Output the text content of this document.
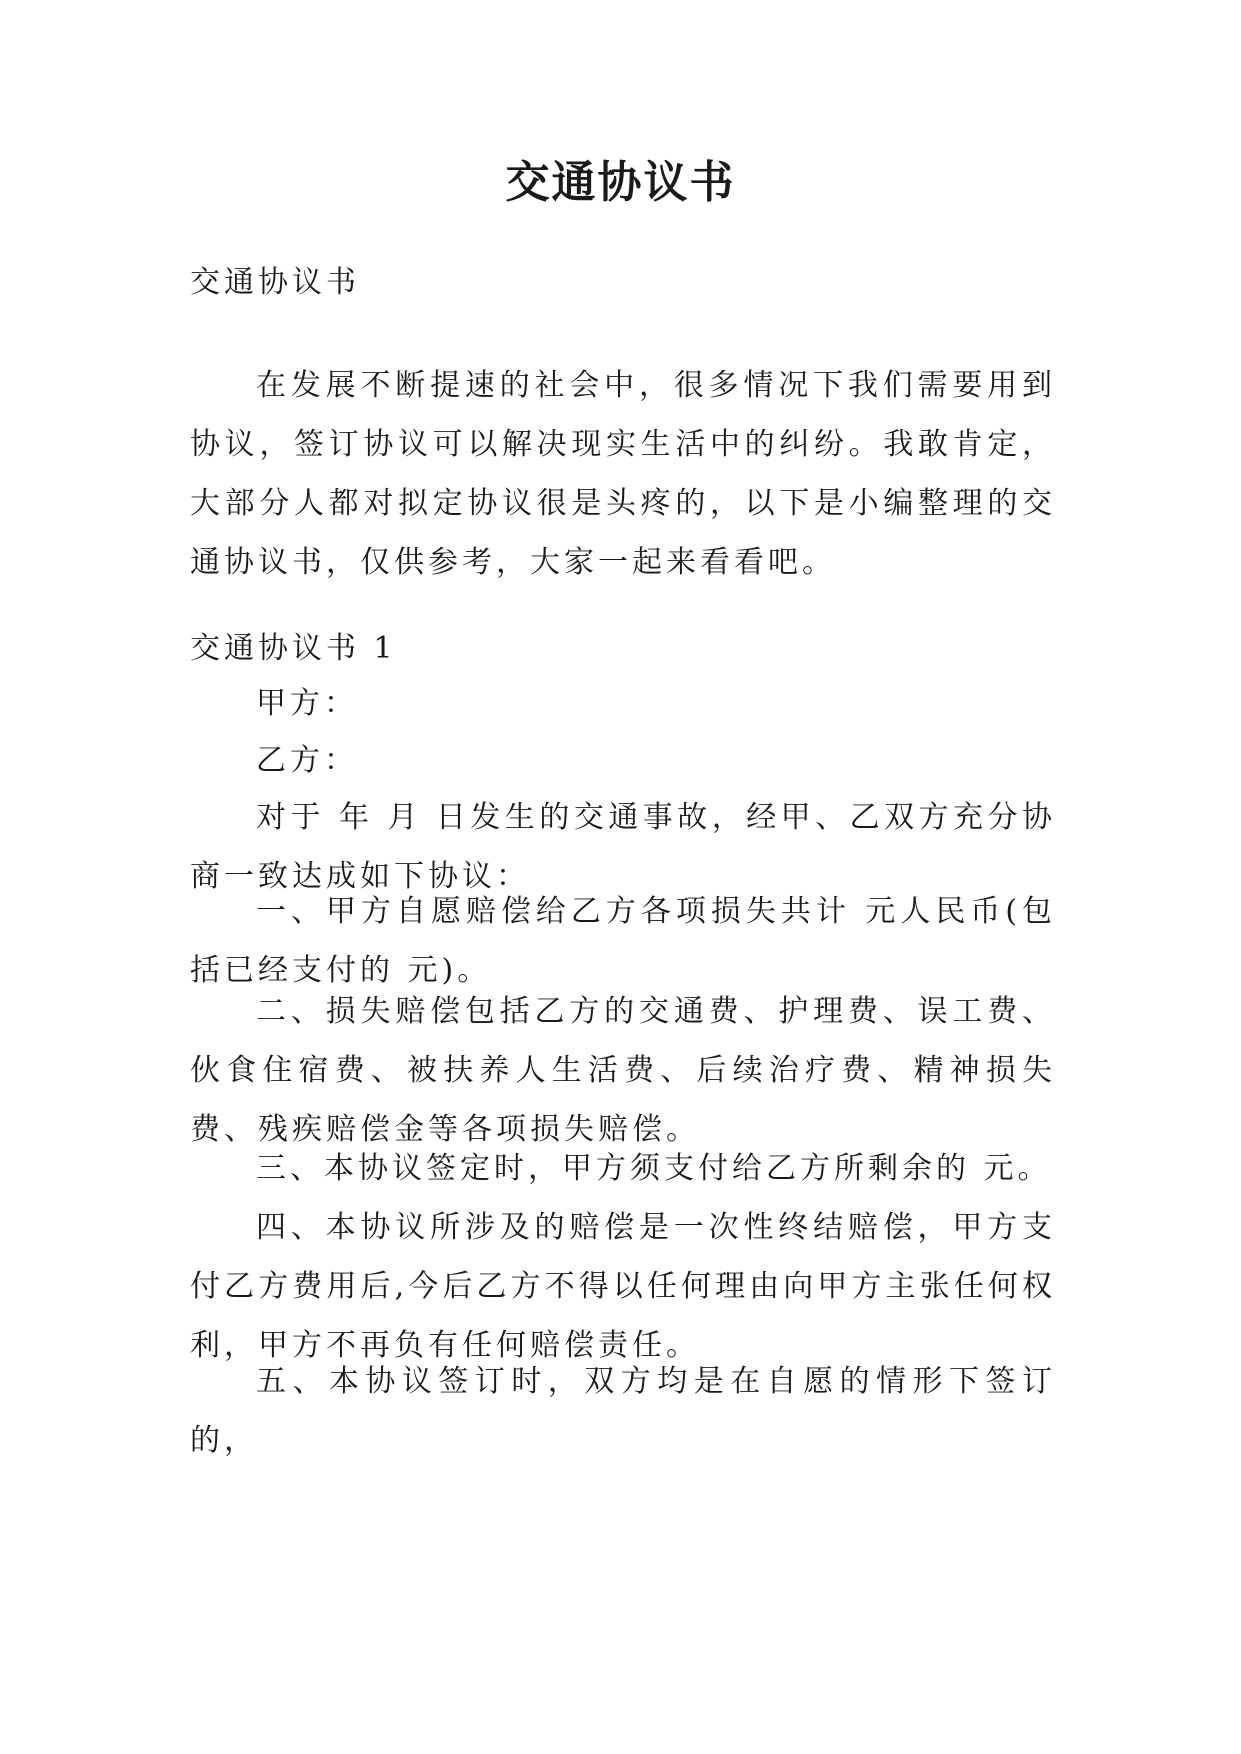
交通协议书

交通协议书

在发展不断提速的社会中，很多情况下我们需要用到协议，签订协议可以解决现实生活中的纠纷。我敢肯定，大部分人都对拟定协议很是头疼的，以下是小编整理的交通协议书，仅供参考，大家一起来看看吧。

交通协议书 1

甲方：

乙方：

对于 年 月 日发生的交通事故，经甲、乙双方充分协商一致达成如下协议：

一、甲方自愿赔偿给乙方各项损失共计 元人民币(包括已经支付的 元)。

二、损失赔偿包括乙方的交通费、护理费、误工费、伙食住宿费、被扶养人生活费、后续治疗费、精神损失费、残疾赔偿金等各项损失赔偿。

三、本协议签定时，甲方须支付给乙方所剩余的 元。

四、本协议所涉及的赔偿是一次性终结赔偿，甲方支付乙方费用后,今后乙方不得以任何理由向甲方主张任何权利，甲方不再负有任何赔偿责任。

五、本协议签订时，双方均是在自愿的情形下签订的，
